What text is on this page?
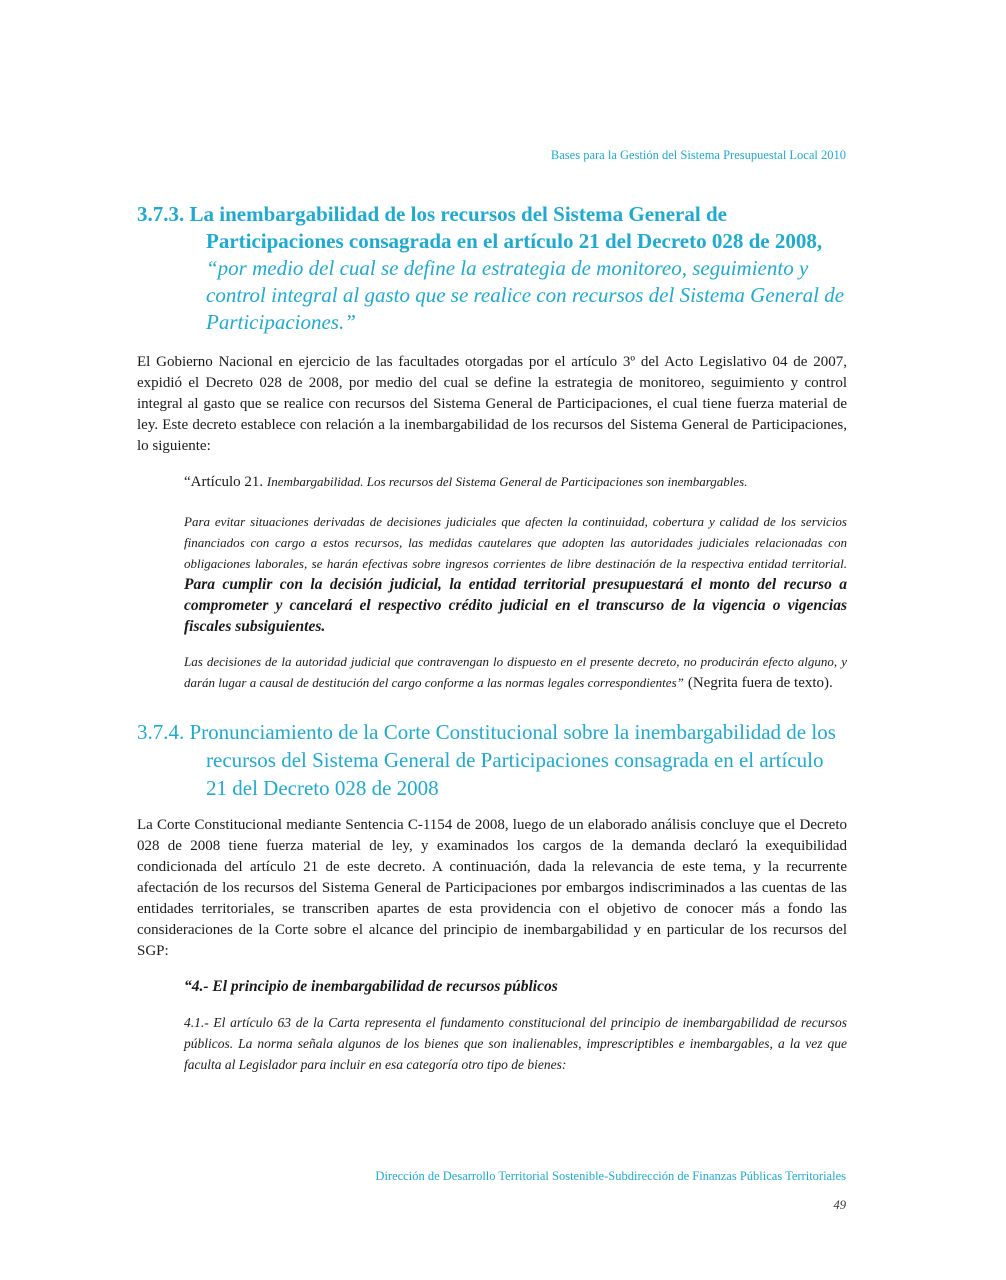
Bases para la Gestión del Sistema Presupuestal Local 2010
3.7.3. La inembargabilidad de los recursos del Sistema General de Participaciones consagrada en el artículo 21 del Decreto 028 de 2008, “por medio del cual se define la estrategia de monitoreo, seguimiento y control integral al gasto que se realice con recursos del Sistema General de Participaciones.”

El Gobierno Nacional en ejercicio de las facultades otorgadas por el artículo 3º del Acto Legislativo 04 de 2007, expidió el Decreto 028 de 2008, por medio del cual se define la estrategia de monitoreo, seguimiento y control integral al gasto que se realice con recursos del Sistema General de Participaciones, el cual tiene fuerza material de ley. Este decreto establece con relación a la inembargabilidad de los recursos del Sistema General de Participaciones, lo siguiente:

“Artículo 21. Inembargabilidad. Los recursos del Sistema General de Participaciones son inembargables.

Para evitar situaciones derivadas de decisiones judiciales que afecten la continuidad, cobertura y calidad de los servicios financiados con cargo a estos recursos, las medidas cautelares que adopten las autoridades judiciales relacionadas con obligaciones laborales, se harán efectivas sobre ingresos corrientes de libre destinación de la respectiva entidad territorial. Para cumplir con la decisión judicial, la entidad territorial presupuestará el monto del recurso a comprometer y cancelará el respectivo crédito judicial en el transcurso de la vigencia o vigencias fiscales subsiguientes.

Las decisiones de la autoridad judicial que contravengan lo dispuesto en el presente decreto, no producirán efecto alguno, y darán lugar a causal de destitución del cargo conforme a las normas legales correspondientes” (Negrita fuera de texto).

3.7.4. Pronunciamiento de la Corte Constitucional sobre la inembargabilidad de los recursos del Sistema General de Participaciones consagrada en el artículo 21 del Decreto 028 de 2008

La Corte Constitucional mediante Sentencia C-1154 de 2008, luego de un elaborado análisis concluye que el Decreto 028 de 2008 tiene fuerza material de ley, y examinados los cargos de la demanda declaró la exequibilidad condicionada del artículo 21 de este decreto. A continuación, dada la relevancia de este tema, y la recurrente afectación de los recursos del Sistema General de Participaciones por embargos indiscriminados a las cuentas de las entidades territoriales, se transcriben apartes de esta providencia con el objetivo de conocer más a fondo las consideraciones de la Corte sobre el alcance del principio de inembargabilidad y en particular de los recursos del SGP:

“4.- El principio de inembargabilidad de recursos públicos

4.1.- El artículo 63 de la Carta representa el fundamento constitucional del principio de inembargabilidad de recursos públicos. La norma señala algunos de los bienes que son inalienables, imprescriptibles e inembargables, a la vez que faculta al Legislador para incluir en esa categoría otro tipo de bienes:

Dirección de Desarrollo Territorial Sostenible-Subdirección de Finanzas Públicas Territoriales
49
